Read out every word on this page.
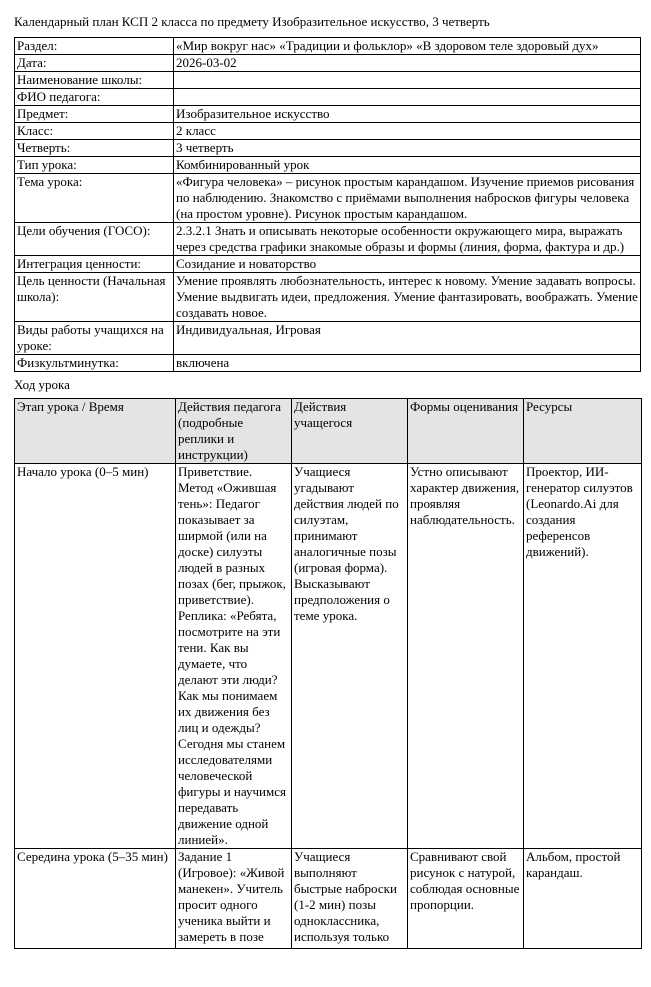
Календарный план КСП 2 класса по предмету Изобразительное искусство, 3 четверть
Раздел:	«Мир вокруг нас» «Традиции и фольклор» «В здоровом теле здоровый дух»
Дата:	2026-03-02
Наименование школы:	
ФИО педагога:	
Предмет:	Изобразительное искусство
Класс:	2 класс
Четверть:	3 четверть
Тип урока:	Комбинированный урок
Тема урока:	«Фигура человека» – рисунок простым карандашом. Изучение приемов рисования по наблюдению. Знакомство с приёмами выполнения набросков фигуры человека (на простом уровне). Рисунок простым карандашом.
Цели обучения (ГОСО):	2.3.2.1 Знать и описывать некоторые особенности окружающего мира, выражать через средства графики знакомые образы и формы (линия, форма, фактура и др.)
Интеграция ценности:	Созидание и новаторство
Цель ценности (Начальная школа):	Умение проявлять любознательность, интерес к новому. Умение задавать вопросы. Умение выдвигать идеи, предложения. Умение фантазировать, воображать. Умение создавать новое.
Виды работы учащихся на уроке:	Индивидуальная, Игровая
Физкультминутка:	включена
Ход урока
Этап урока / Время	Действия педагога (подробные реплики и инструкции)	Действия учащегося	Формы оценивания	Ресурсы
Начало урока (0–5 мин)	Приветствие. Метод «Ожившая тень»: Педагог показывает за ширмой (или на доске) силуэты людей в разных позах (бег, прыжок, приветствие). Реплика: «Ребята, посмотрите на эти тени. Как вы думаете, что делают эти люди? Как мы понимаем их движения без лиц и одежды? Сегодня мы станем исследователями человеческой фигуры и научимся передавать движение одной линией».	Учащиеся угадывают действия людей по силуэтам, принимают аналогичные позы (игровая форма). Высказывают предположения о теме урока.	Устно описывают характер движения, проявляя наблюдательность.	Проектор, ИИ-генератор силуэтов (Leonardo.Ai для создания референсов движений).

Середина урока (5–35 мин)	Задание 1 (Игровое): «Живой манекен». Учитель просит одного ученика выйти и замереть в позе	Учащиеся выполняют быстрые наброски (1-2 мин) позы одноклассника, используя только	Сравнивают свой рисунок с натурой, соблюдая основные пропорции.	Альбом, простой карандаш.
